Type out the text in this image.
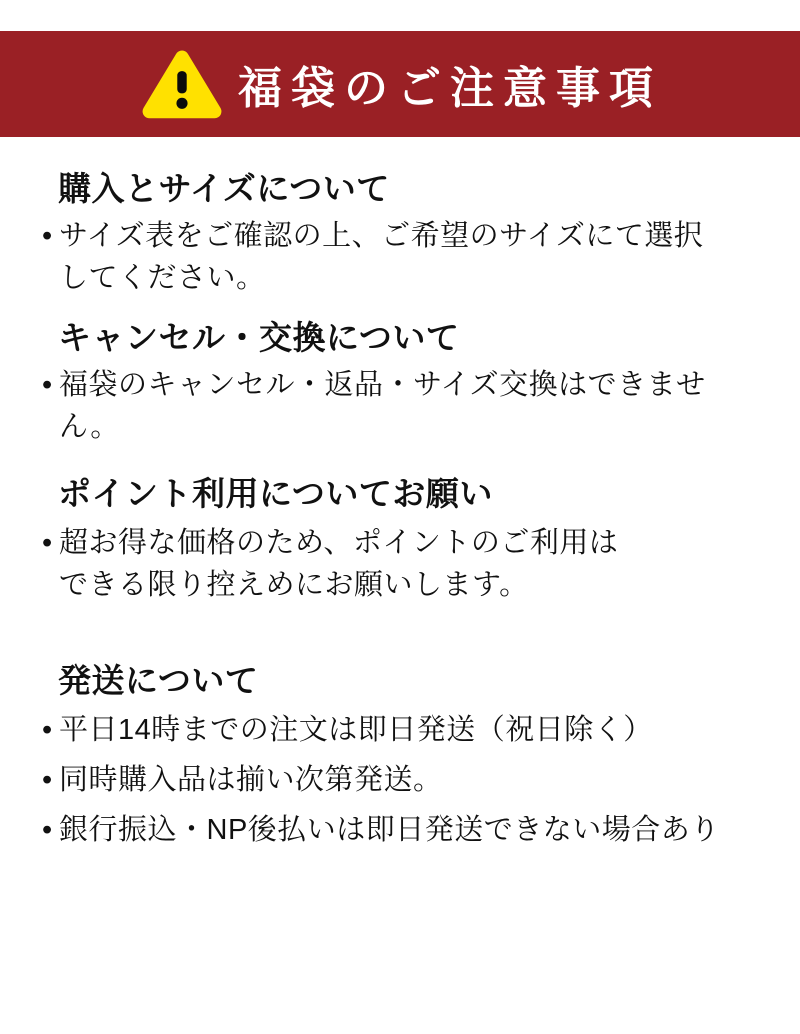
福袋のご注意事項
購入とサイズについて
• サイズ表をご確認の上、ご希望のサイズにて選択
してください。
キャンセル・交換について
• 福袋のキャンセル・返品・サイズ交換はできませ
ん。
ポイント利用についてお願い
• 超お得な価格のため、ポイントのご利用は
できる限り控えめにお願いします。
発送について
• 平日14時までの注文は即日発送（祝日除く）
• 同時購入品は揃い次第発送。
• 銀行振込・NP後払いは即日発送できない場合あり
